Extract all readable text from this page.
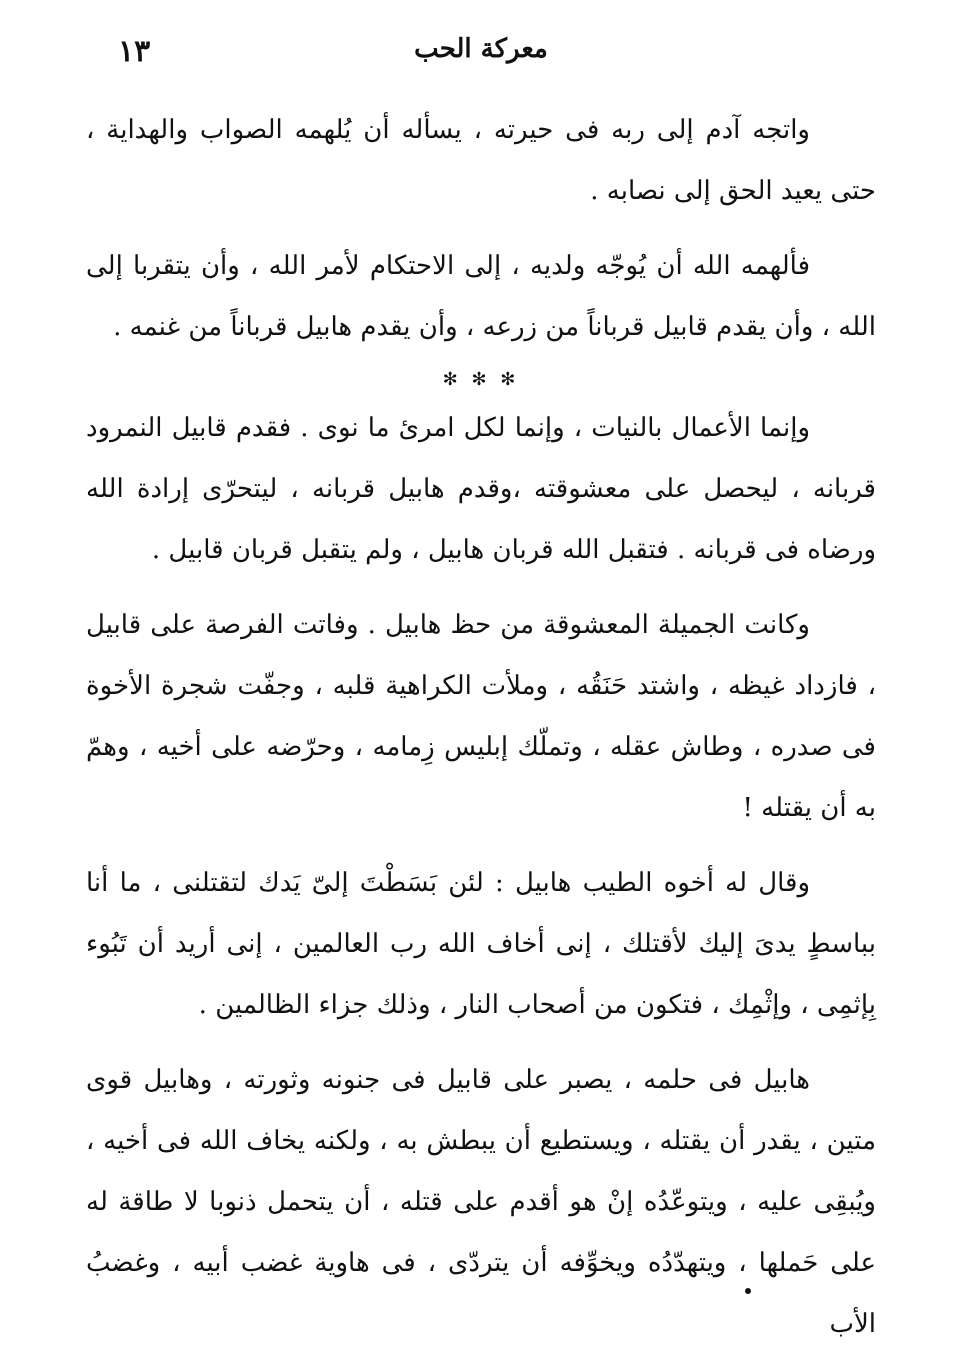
معركة الحب
١٣

واتجه آدم إلى ربه فى حيرته ، يسأله أن يُلهمه الصواب والهداية ، حتى يعيد الحق إلى نصابه .

فألهمه الله أن يُوجّه ولديه ، إلى الاحتكام لأمر الله ، وأن يتقربا إلى الله ، وأن يقدم قابيل قرباناً من زرعه ، وأن يقدم هابيل قرباناً من غنمه .

✻ ✻ ✻

وإنما الأعمال بالنيات ، وإنما لكل امرئ ما نوى . فقدم قابيل النمرود قربانه ، ليحصل على معشوقته ،وقدم هابيل قربانه ، ليتحرّى إرادة الله ورضاه فى قربانه . فتقبل الله قربان هابيل ، ولم يتقبل قربان قابيل .

وكانت الجميلة المعشوقة من حظ هابيل . وفاتت الفرصة على قابيل ، فازداد غيظه ، واشتد حَنَقُه ، وملأت الكراهية قلبه ، وجفّت شجرة الأخوة فى صدره ، وطاش عقله ، وتملّك إبليس زِمامه ، وحرّضه على أخيه ، وهمّ به أن يقتله !

وقال له أخوه الطيب هابيل : لئن بَسَطْتَ إلىّ يَدك لتقتلنى ، ما أنا بباسطٍ يدىَ إليك لأقتلك ، إنى أخاف الله رب العالمين ، إنى أريد أن تَبُوء بِإثمِى ، وإثْمِك ، فتكون من أصحاب النار ، وذلك جزاء الظالمين .

هابيل فى حلمه ، يصبر على قابيل فى جنونه وثورته ، وهابيل قوى متين ، يقدر أن يقتله ، ويستطيع أن يبطش به ، ولكنه يخاف الله فى أخيه ، ويُبقِى عليه ، ويتوعّدُه إنْ هو أقدم على قتله ، أن يتحمل ذنوبا لا طاقة له على حَملها ، ويتهدّدُه ويخوِّفه أن يتردّى ، فى هاوية غضب أبيه ، وغضبُ الأب
